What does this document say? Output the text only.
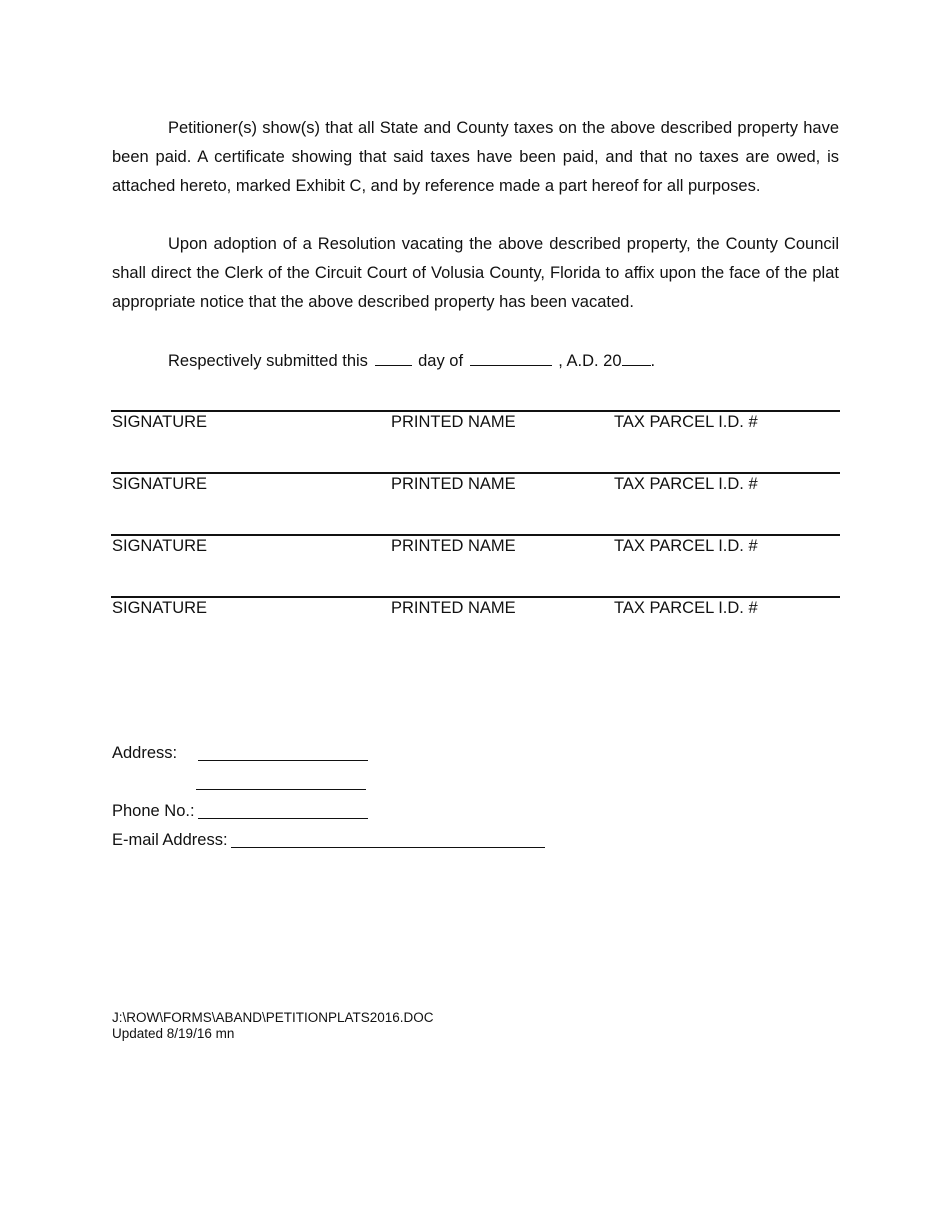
Petitioner(s) show(s) that all State and County taxes on the above described property have been paid. A certificate showing that said taxes have been paid, and that no taxes are owed, is attached hereto, marked Exhibit C, and by reference made a part hereof for all purposes.

Upon adoption of a Resolution vacating the above described property, the County Council shall direct the Clerk of the Circuit Court of Volusia County, Florida to affix upon the face of the plat appropriate notice that the above described property has been vacated.

Respectively submitted this	day of	, A.D. 20 .
SIGNATURE	PRINTED NAME	TAX PARCEL I.D. #
SIGNATURE	PRINTED NAME	TAX PARCEL I.D. #
SIGNATURE	PRINTED NAME	TAX PARCEL I.D. #
SIGNATURE	PRINTED NAME	TAX PARCEL I.D. #
Address:
Phone No.:
E-mail Address:
J:\ROW\FORMS\ABAND\PETITIONPLATS2016.DOC
Updated 8/19/16 mn
